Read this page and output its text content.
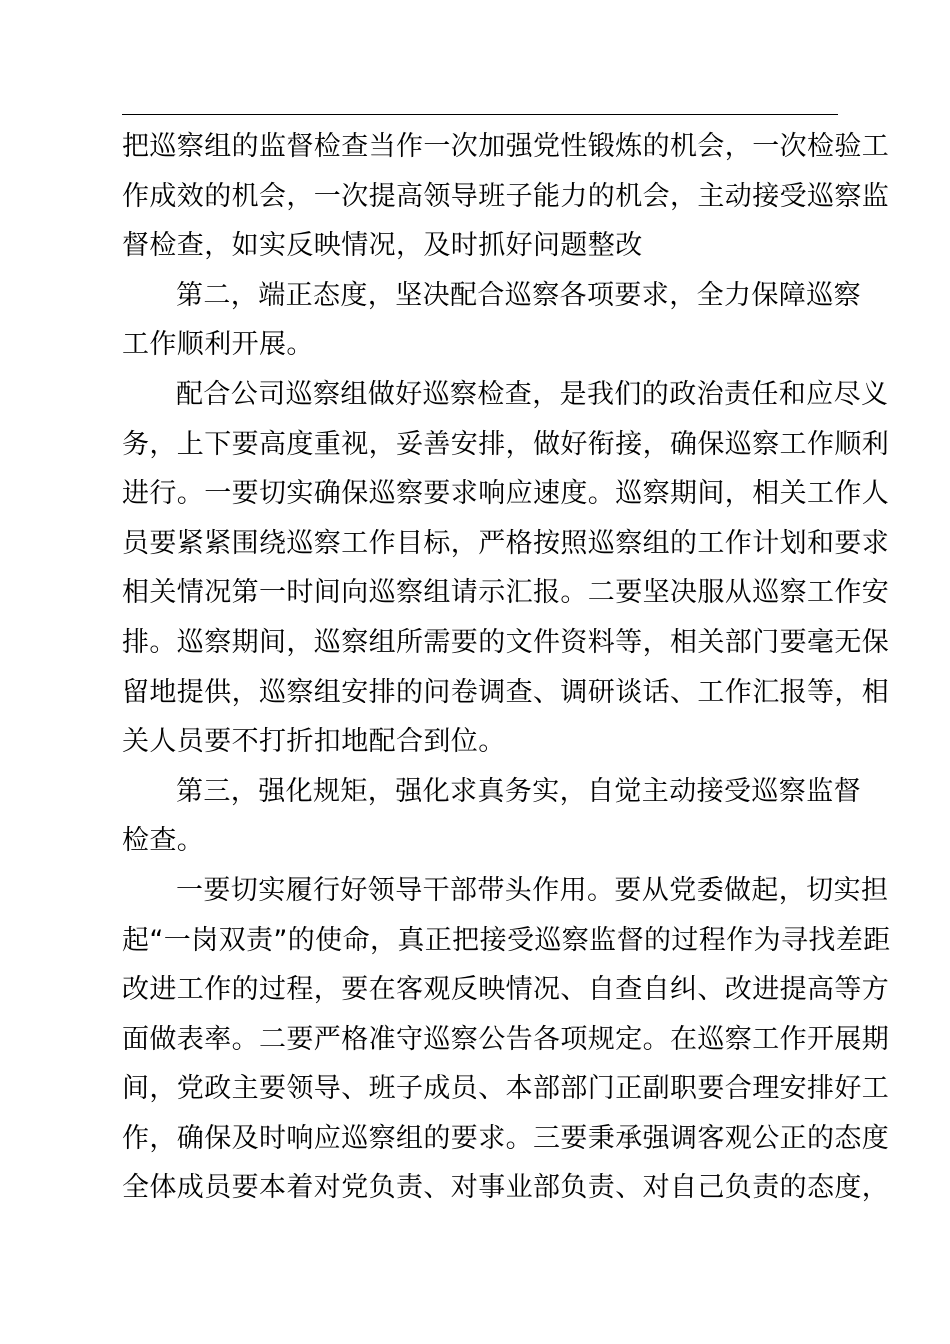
把巡察组的监督检查当作一次加强党性锻炼的机会，一次检验工
作成效的机会，一次提高领导班子能力的机会，主动接受巡察监
督检查，如实反映情况，及时抓好问题整改
第二，端正态度，坚决配合巡察各项要求，全力保障巡察
工作顺利开展。
配合公司巡察组做好巡察检查，是我们的政治责任和应尽义
务，上下要高度重视，妥善安排，做好衔接，确保巡察工作顺利
进行。一要切实确保巡察要求响应速度。巡察期间，相关工作人
员要紧紧围绕巡察工作目标，严格按照巡察组的工作计划和要求
相关情况第一时间向巡察组请示汇报。二要坚决服从巡察工作安
排。巡察期间，巡察组所需要的文件资料等，相关部门要毫无保
留地提供，巡察组安排的问卷调查、调研谈话、工作汇报等，相
关人员要不打折扣地配合到位。
第三，强化规矩，强化求真务实，自觉主动接受巡察监督
检查。
一要切实履行好领导干部带头作用。要从党委做起，切实担
起“一岗双责”的使命，真正把接受巡察监督的过程作为寻找差距
改进工作的过程，要在客观反映情况、自查自纠、改进提高等方
面做表率。二要严格准守巡察公告各项规定。在巡察工作开展期
间，党政主要领导、班子成员、本部部门正副职要合理安排好工
作，确保及时响应巡察组的要求。三要秉承强调客观公正的态度
全体成员要本着对党负责、对事业部负责、对自己负责的态度，
